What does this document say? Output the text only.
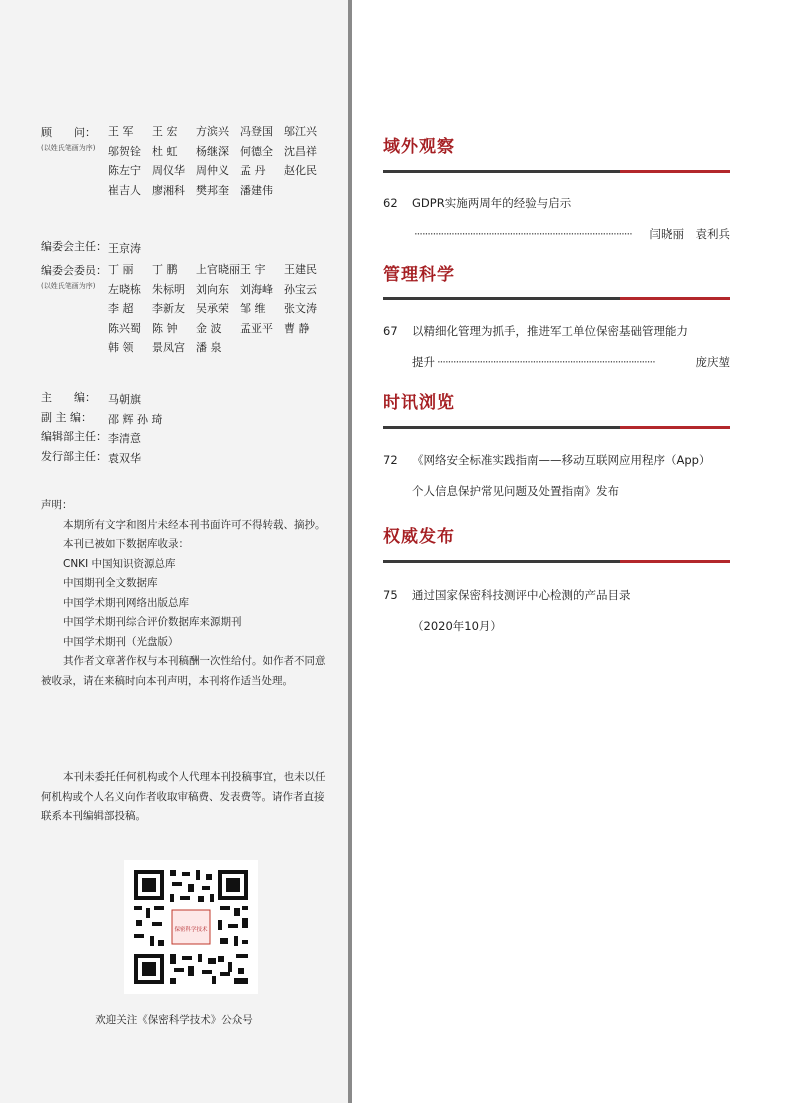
顾　　问：
(以姓氏笔画为序)
王 军	王 宏	方滨兴	冯登国	邬江兴
邬贺铨	杜 虹	杨继深	何德全	沈昌祥
陈左宁	周仪华	周仲义	孟 丹	赵化民
崔吉人	廖湘科	樊邦奎	潘建伟
编委会主任： 王京涛
编委会委员：
(以姓氏笔画为序)
丁 丽	丁 鹏	上官晓丽 王 宇	王建民
左晓栋	朱标明	刘向东	刘海峰	孙宝云
李 超	李新友	吴承荣	邹 维	张文涛
陈兴蜀	陈 钟	金 波	孟亚平	曹 静
韩 领	景凤宫	潘 泉
主　　编： 马朝旗
副 主 编： 邵 辉 孙 琦
编辑部主任： 李清意
发行部主任： 袁双华

声明：

本期所有文字和图片未经本刊书面许可不得转载、摘抄。

本刊已被如下数据库收录：

CNKI 中国知识资源总库

中国期刊全文数据库

中国学术期刊网络出版总库

中国学术期刊综合评价数据库来源期刊

中国学术期刊（光盘版）

其作者文章著作权与本刊稿酬一次性给付。如作者不同意被收录，请在来稿时向本刊声明，本刊将作适当处理。

本刊未委托任何机构或个人代理本刊投稿事宜，也未以任何机构或个人名义向作者收取审稿费、发表费等。请作者直接联系本刊编辑部投稿。

保密科学技术
欢迎关注《保密科学技术》公众号
域外观察
62 GDPR实施两周年的经验与启示
··················································································	闫晓丽　袁利兵
管理科学
67 以精细化管理为抓手，推进军工单位保密基础管理能力
提升 ··················································································	庞庆堃
时讯浏览
72 《网络安全标准实践指南——移动互联网应用程序（App）
个人信息保护常见问题及处置指南》发布
权威发布
75 通过国家保密科技测评中心检测的产品目录
（2020年10月）
